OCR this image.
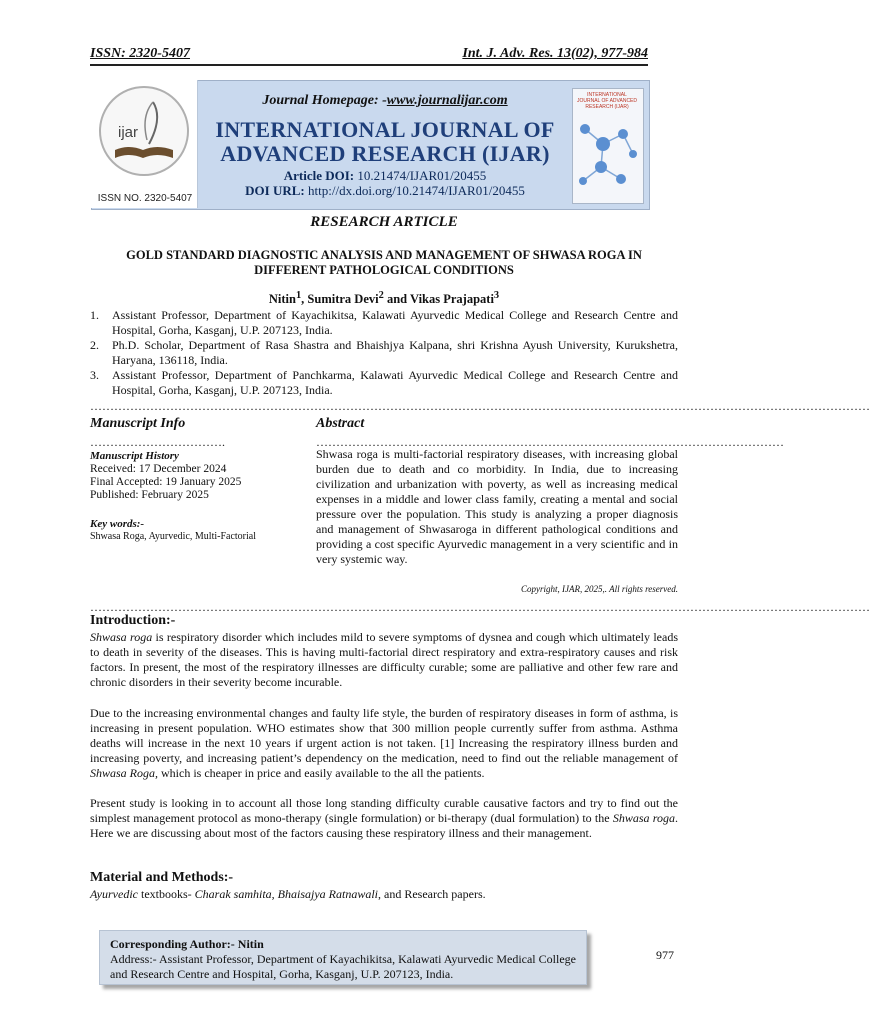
ISSN: 2320-5407	Int. J. Adv. Res. 13(02), 977-984
ijar
ISSN NO. 2320-5407
Journal Homepage: -www.journalijar.com
INTERNATIONAL JOURNAL OF
ADVANCED RESEARCH (IJAR)
Article DOI: 10.21474/IJAR01/20455
DOI URL: http://dx.doi.org/10.21474/IJAR01/20455
INTERNATIONAL JOURNAL OF ADVANCED RESEARCH (IJAR)
RESEARCH ARTICLE
GOLD STANDARD DIAGNOSTIC ANALYSIS AND MANAGEMENT OF SHWASA ROGA IN DIFFERENT PATHOLOGICAL CONDITIONS
Nitin$^1$, Sumitra Devi$^2$ and Vikas Prajapati$^3$
1.	Assistant Professor, Department of Kayachikitsa, Kalawati Ayurvedic Medical College and Research Centre and Hospital, Gorha, Kasganj, U.P. 207123, India.
2.	Ph.D. Scholar, Department of Rasa Shastra and Bhaishjya Kalpana, shri Krishna Ayush University, Kurukshetra, Haryana, 136118, India.
3.	Assistant Professor, Department of Panchkarma, Kalawati Ayurvedic Medical College and Research Centre and Hospital, Gorha, Kasganj, U.P. 207123, India.
……………………………………………………………………………………………………………………………………………………………………………
Manuscript Info
…………………………….
Manuscript History
Received: 17 December 2024
Final Accepted: 19 January 2025
Published: February 2025
Key words:-
Shwasa Roga, Ayurvedic, Multi-Factorial
Abstract
………………………………………………………………………………………………………
Shwasa roga is multi-factorial respiratory diseases, with increasing global burden due to death and co morbidity. In India, due to increasing civilization and urbanization with poverty, as well as increasing medical expenses in a middle and lower class family, creating a mental and social pressure over the population. This study is analyzing a proper diagnosis and management of Shwasaroga in different pathological conditions and providing a cost specific Ayurvedic management in a very scientific and in very systemic way.
Copyright, IJAR, 2025,. All rights reserved.
……………………………………………………………………………………………………………………………………………………………………………
Introduction:-
Shwasa roga is respiratory disorder which includes mild to severe symptoms of dysnea and cough which ultimately leads to death in severity of the diseases. This is having multi-factorial direct respiratory and extra-respiratory causes and risk factors. In present, the most of the respiratory illnesses are difficulty curable; some are palliative and other few rare and chronic disorders in their severity become incurable.
Due to the increasing environmental changes and faulty life style, the burden of respiratory diseases in form of asthma, is increasing in present population. WHO estimates show that 300 million people currently suffer from asthma. Asthma deaths will increase in the next 10 years if urgent action is not taken. [1] Increasing the respiratory illness burden and increasing poverty, and increasing patient’s dependency on the medication, need to find out the reliable management of Shwasa Roga, which is cheaper in price and easily available to the all the patients.
Present study is looking in to account all those long standing difficulty curable causative factors and try to find out the simplest management protocol as mono-therapy (single formulation) or bi-therapy (dual formulation) to the Shwasa roga. Here we are discussing about most of the factors causing these respiratory illness and their management.
Material and Methods:-
Ayurvedic textbooks- Charak samhita, Bhaisajya Ratnawali, and Research papers.
Corresponding Author:- Nitin
Address:- Assistant Professor, Department of Kayachikitsa, Kalawati Ayurvedic Medical College and Research Centre and Hospital, Gorha, Kasganj, U.P. 207123, India.
977
